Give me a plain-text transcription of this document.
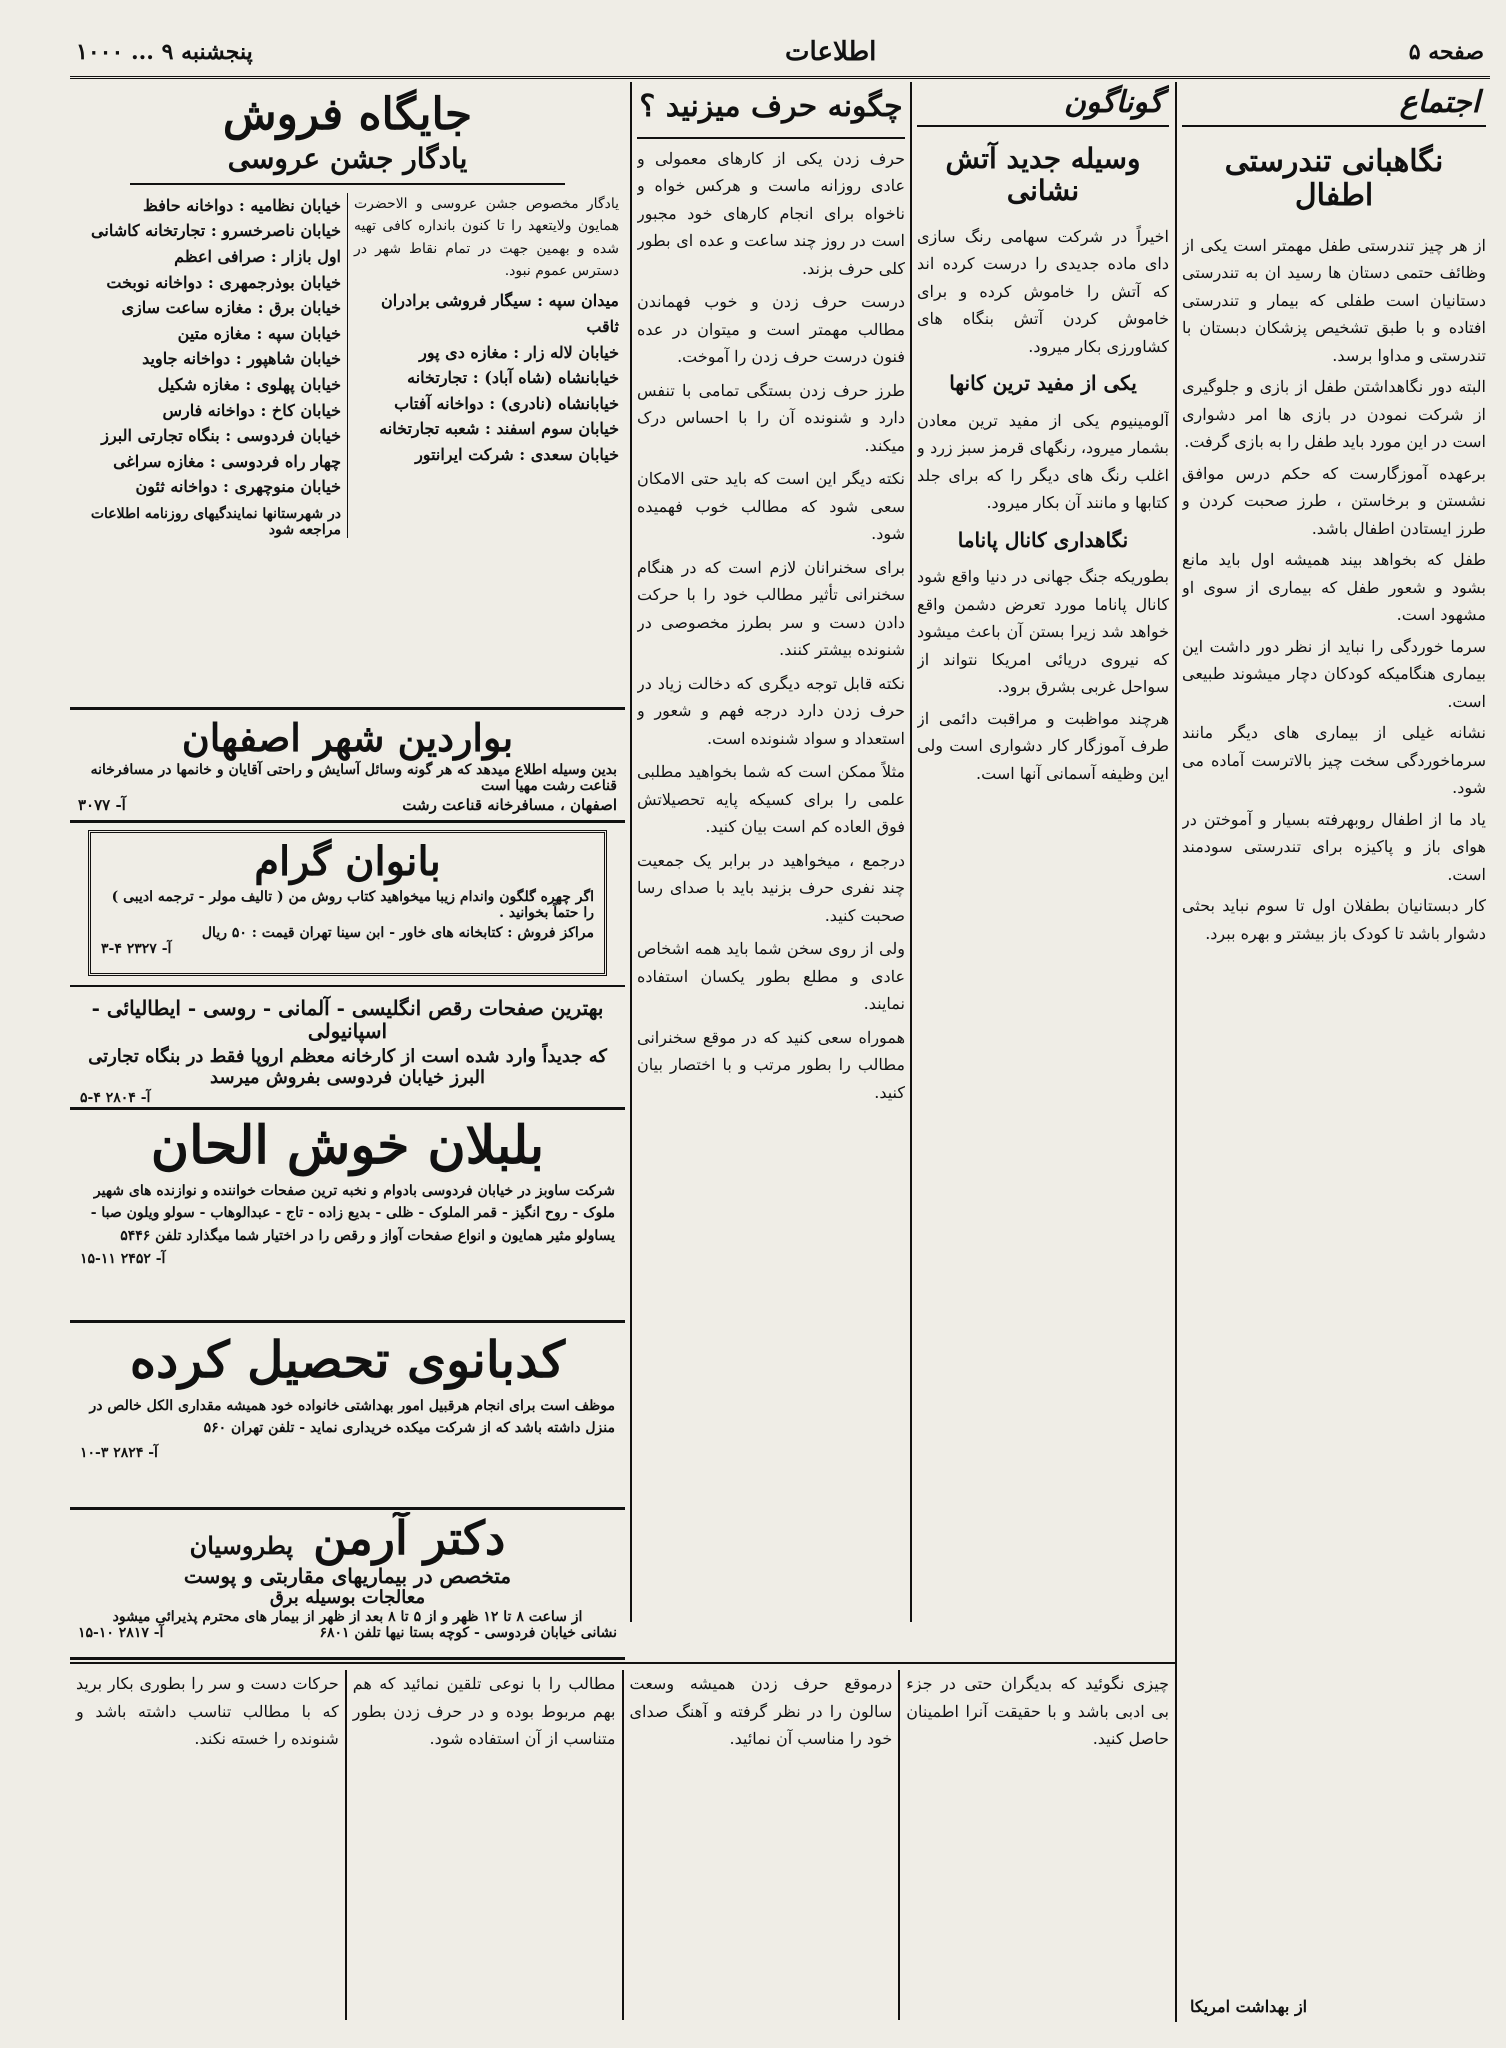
صفحه ۵
اطلاعات
پنجشنبه ۹ ... ۱۰۰۰
اجتماع
نگاهبانی تندرستی اطفال

از هر چیز تندرستی طفل مهمتر است یکی از وظائف حتمی دستان ها رسید ان به تندرستی دستانیان است طفلی که بیمار و تندرستی افتاده و با طبق تشخیص پزشکان دبستان با تندرستی و مداوا برسد.

البته دور نگاهداشتن طفل از بازی و جلوگیری از شرکت نمودن در بازی ها امر دشواری است در این مورد باید طفل را به بازی گرفت.

برعهده آموزگارست که حکم درس موافق نشستن و برخاستن ، طرز صحبت کردن و طرز ایستادن اطفال باشد.

طفل که بخواهد بیند همیشه اول باید مانع بشود و شعور طفل که بیماری از سوی او مشهود است.

سرما خوردگی را نباید از نظر دور داشت این بیماری هنگامیکه کودکان دچار میشوند طبیعی است.

نشانه غیلی از بیماری های دیگر مانند سرماخوردگی سخت چیز بالاترست آماده می شود.

یاد ما از اطفال روبهرفته بسیار و آموختن در هوای باز و پاکیزه برای تندرستی سودمند است.

کار دبستانیان بطفلان اول تا سوم نباید بحثی دشوار باشد تا کودک باز بیشتر و بهره ببرد.

از بهداشت امریکا
گوناگون
وسیله جدید آتش نشانی

اخیراً در شرکت سهامی رنگ سازی دای ماده جدیدی را درست کرده اند که آتش را خاموش کرده و برای خاموش کردن آتش بنگاه های کشاورزی بکار میرود.

یکی از مفید ترین کانها

آلومینیوم یکی از مفید ترین معادن بشمار میرود، رنگهای قرمز سبز زرد و اغلب رنگ های دیگر را که برای جلد کتابها و مانند آن بکار میرود.

نگاهداری کانال پاناما

بطوریکه جنگ جهانی در دنیا واقع شود کانال پاناما مورد تعرض دشمن واقع خواهد شد زیرا بستن آن باعث میشود که نیروی دریائی امریکا نتواند از سواحل غربی بشرق برود.

هرچند مواظبت و مراقبت دائمی از طرف آموزگار کار دشواری است ولی این وظیفه آسمانی آنها است.

چگونه حرف میزنید ؟

حرف زدن یکی از کارهای معمولی و عادی روزانه ماست و هرکس خواه و ناخواه برای انجام کارهای خود مجبور است در روز چند ساعت و عده ای بطور کلی حرف بزند.

درست حرف زدن و خوب فهماندن مطالب مهمتر است و میتوان در عده فنون درست حرف زدن را آموخت.

طرز حرف زدن بستگی تمامی با تنفس دارد و شنونده آن را با احساس درک میکند.

نکته دیگر این است که باید حتی الامکان سعی شود که مطالب خوب فهمیده شود.

برای سخنرانان لازم است که در هنگام سخنرانی تأثیر مطالب خود را با حرکت دادن دست و سر بطرز مخصوصی در شنونده بیشتر کنند.

نکته قابل توجه دیگری که دخالت زیاد در حرف زدن دارد درجه فهم و شعور و استعداد و سواد شنونده است.

مثلاً ممکن است که شما بخواهید مطلبی علمی را برای کسیکه پایه تحصیلاتش فوق العاده کم است بیان کنید.

درجمع ، میخواهید در برابر یک جمعیت چند نفری حرف بزنید باید با صدای رسا صحبت کنید.

ولی از روی سخن شما باید همه اشخاص عادی و مطلع بطور یکسان استفاده نمایند.

هموراه سعی کنید که در موقع سخنرانی مطالب را بطور مرتب و با اختصار بیان کنید.

جایگاه فروش
یادگار جشن عروسی
یادگار مخصوص جشن عروسی و الاحضرت همایون ولایتعهد را تا کنون بانداره کافی تهیه شده و بهمین جهت در تمام نقاط شهر در دسترس عموم نبود.
میدان سپه : سیگار فروشی برادران ثاقب
خیابان لاله زار : مغازه دی پور
خیابانشاه (شاه آباد) : تجارتخانه
خیابانشاه (نادری) : دواخانه آفتاب
خیابان سوم اسفند : شعبه تجارتخانه
خیابان سعدی : شرکت ایرانتور
خیابان نظامیه : دواخانه حافظ
خیابان ناصرخسرو : تجارتخانه کاشانی
اول بازار : صرافی اعظم
خیابان بوذرجمهری : دواخانه نوبخت
خیابان برق : مغازه ساعت سازی
خیابان سپه : مغازه متین
خیابان شاهپور : دواخانه جاوید
خیابان پهلوی : مغازه شکیل
خیابان کاخ : دواخانه فارس
خیابان فردوسی : بنگاه تجارتی البرز
چهار راه فردوسی : مغازه سراغی
خیابان منوچهری : دواخانه ثئون
در شهرستانها نمایندگیهای روزنامه اطلاعات مراجعه شود
بواردین شهر اصفهان
بدین وسیله اطلاع میدهد که هر گونه وسائل آسایش و راحتی آقایان و خانمها در مسافرخانه قناعت رشت مهیا است
اصفهان ، مسافرخانه قناعت رشت
آ- ۳۰۷۷
بانوان گرام
اگر چهره گلگون واندام زیبا میخواهید کتاب روش من ( تالیف مولر - ترجمه ادیبی ) را حتماً بخوانید .
مراکز فروش : کتابخانه های خاور - ابن سینا تهران قیمت : ۵۰ ریال
آ- ۲۳۲۷ ۴-۳
بهترین صفحات رقص انگلیسی - آلمانی - روسی - ایطالیائی - اسپانیولی
که جدیداً وارد شده است از کارخانه معظم اروپا فقط در بنگاه تجارتی البرز خیابان فردوسی بفروش میرسد
آ- ۲۸۰۴ ۴-۵
بلبلان خوش الحان
شرکت ساوبز در خیابان فردوسی بادوام و نخبه ترین صفحات خواننده و نوازنده های شهیر ملوک - روح انگیز - قمر الملوک - ظلی - بدیع زاده - تاج - عبدالوهاب - سولو ویلون صبا - یساولو مثیر همایون و انواع صفحات آواز و رقص را در اختیار شما میگذارد تلفن ۵۴۴۶
آ- ۲۴۵۲ ۱۱-۱۵
کدبانوی تحصیل کرده
موظف است برای انجام هرقبیل امور بهداشتی خانواده خود همیشه مقداری الکل خالص در منزل داشته باشد که از شرکت میکده خریداری نماید - تلفن تهران ۵۶۰
آ- ۲۸۲۴ ۳-۱۰
دکتر آرمن
پطروسیان
متخصص در بیماریهای مقاربتی و پوست
معالجات بوسیله برق
از ساعت ۸ تا ۱۲ ظهر و از ۵ تا ۸ بعد از ظهر از بیمار های محترم پذیرائی میشود
نشانی خیابان فردوسی - کوچه بستا نیها تلفن ۶۸۰۱
آ- ۲۸۱۷ ۱۰-۱۵
چیزی نگوئید که بدیگران حتی در جزء بی ادبی باشد و با حقیقت آنرا اطمینان حاصل کنید.
درموقع حرف زدن همیشه وسعت سالون را در نظر گرفته و آهنگ صدای خود را مناسب آن نمائید.
مطالب را با نوعی تلقین نمائید که هم بهم مربوط بوده و در حرف زدن بطور متناسب از آن استفاده شود.
حرکات دست و سر را بطوری بکار برید که با مطالب تناسب داشته باشد و شنونده را خسته نکند.
